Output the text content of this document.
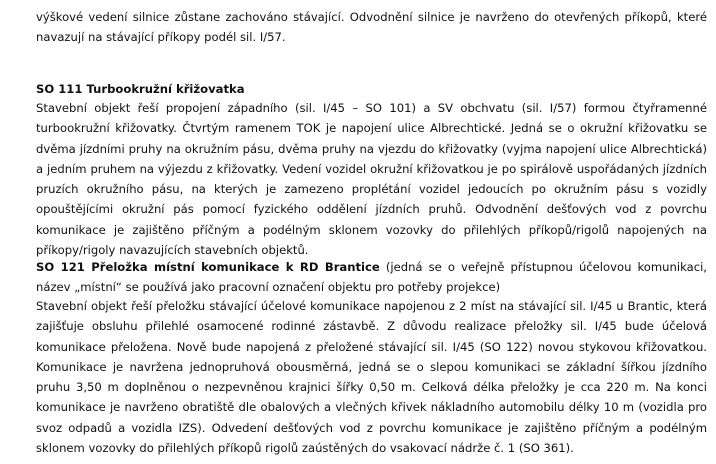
výškové vedení silnice zůstane zachováno stávající. Odvodnění silnice je navrženo do otevřených příkopů, které navazují na stávající příkopy podél sil. I/57.

SO 111 Turbookružní křižovatka

Stavební objekt řeší propojení západního (sil. I/45 – SO 101) a SV obchvatu (sil. I/57) formou čtyřramenné turbookružní křižovatky. Čtvrtým ramenem TOK je napojení ulice Albrechtické. Jedná se o okružní křižovatku se dvěma jízdními pruhy na okružním pásu, dvěma pruhy na vjezdu do křižovatky (vyjma napojení ulice Albrechtická) a jedním pruhem na výjezdu z křižovatky. Vedení vozidel okružní křižovatkou je po spirálově uspořádaných jízdních pruzích okružního pásu, na kterých je zamezeno proplétání vozidel jedoucích po okružním pásu s vozidly opouštějícími okružní pás pomocí fyzického oddělení jízdních pruhů. Odvodnění dešťových vod z povrchu komunikace je zajištěno příčným a podélným sklonem vozovky do přilehlých příkopů/rigolů napojených na příkopy/rigoly navazujících stavebních objektů.

SO 121 Přeložka místní komunikace k RD Brantice (jedná se o veřejně přístupnou účelovou komunikaci, název „místní“ se používá jako pracovní označení objektu pro potřeby projekce)

Stavební objekt řeší přeložku stávající účelové komunikace napojenou z 2 míst na stávající sil. I/45 u Brantic, která zajišťuje obsluhu přilehlé osamocené rodinné zástavbě. Z důvodu realizace přeložky sil. I/45 bude účelová komunikace přeložena. Nově bude napojená z přeložené stávající sil. I/45 (SO 122) novou stykovou křižovatkou. Komunikace je navržena jednopruhová obousměrná, jedná se o slepou komunikaci se základní šířkou jízdního pruhu 3,50 m doplněnou o nezpevněnou krajnici šířky 0,50 m. Celková délka přeložky je cca 220 m. Na konci komunikace je navrženo obratiště dle obalových a vlečných křivek nákladního automobilu délky 10 m (vozidla pro svoz odpadů a vozidla IZS). Odvedení dešťových vod z povrchu komunikace je zajištěno příčným a podélným sklonem vozovky do přilehlých příkopů rigolů zaústěných do vsakovací nádrže č. 1 (SO 361).
